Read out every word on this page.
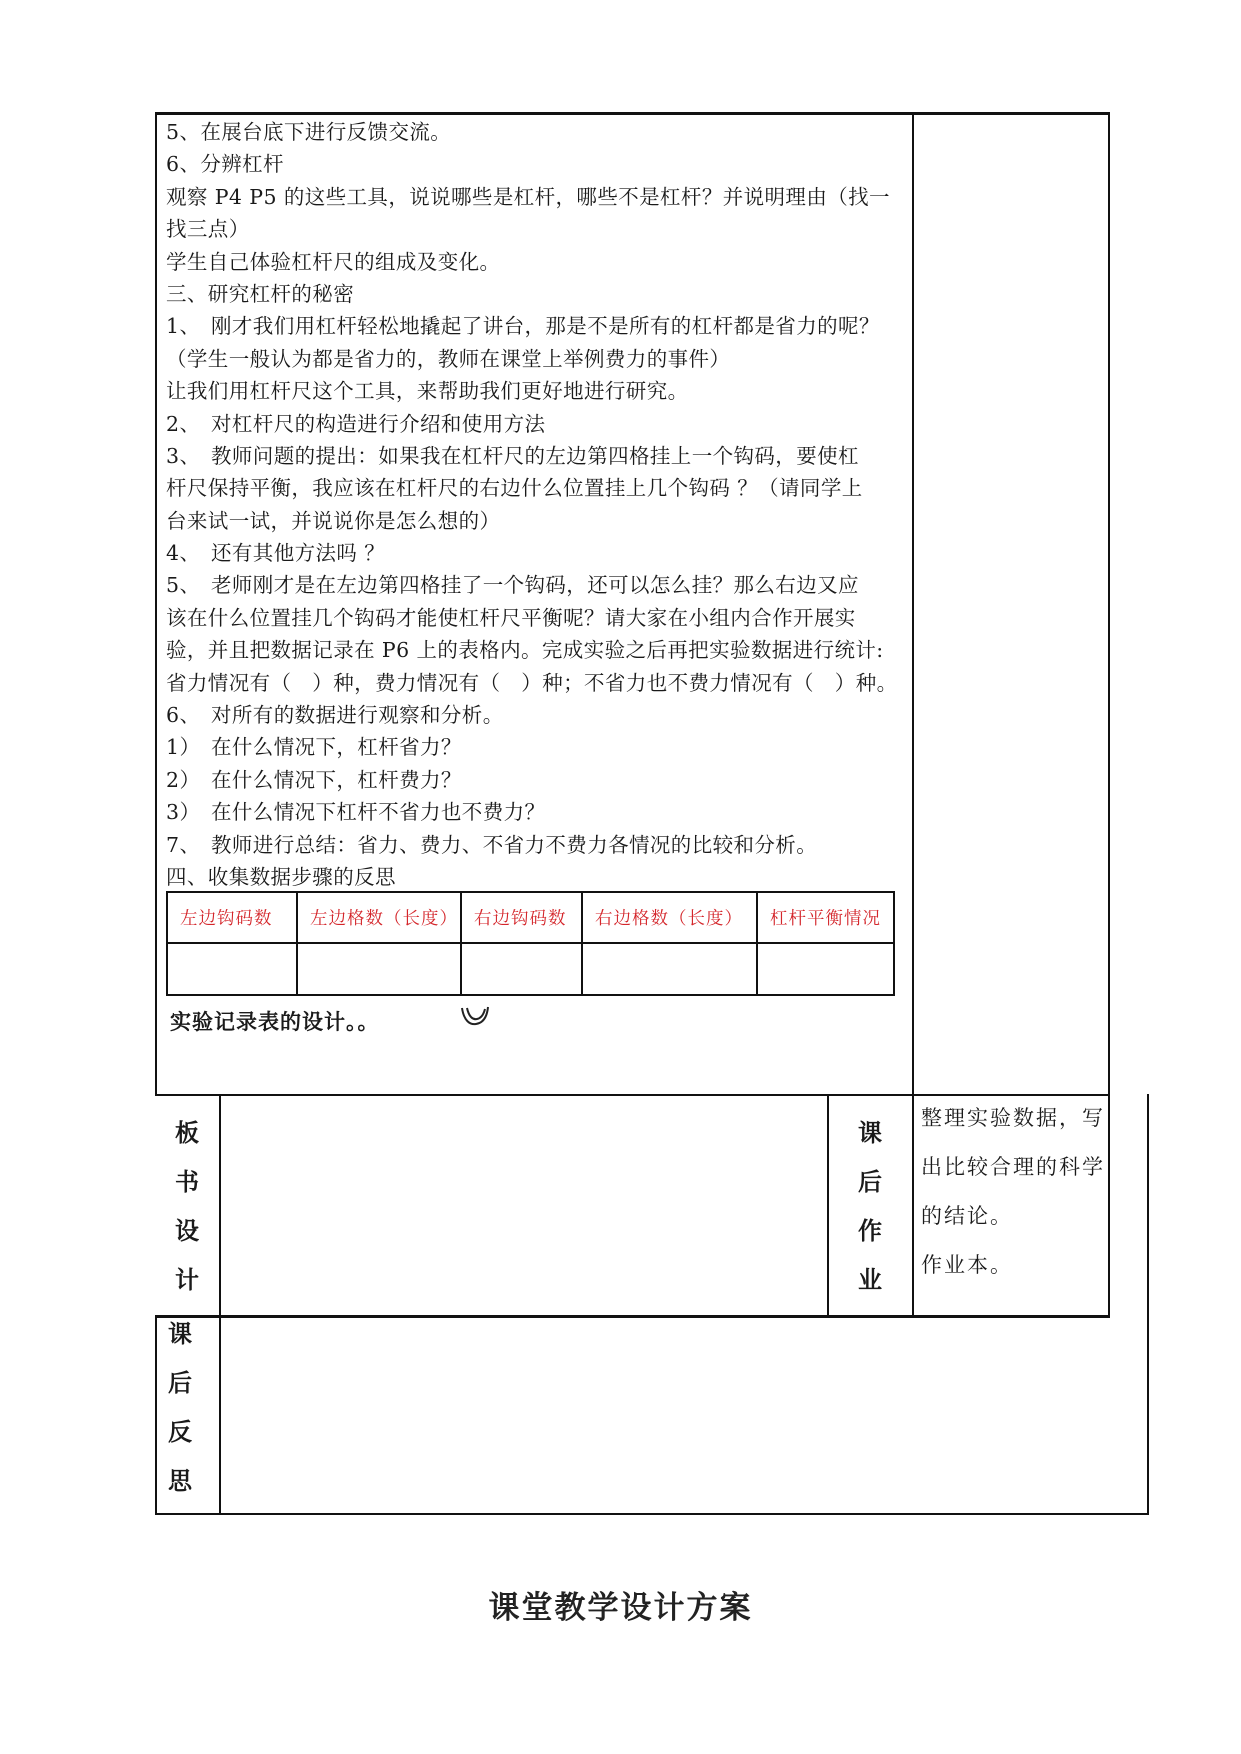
5、在展台底下进行反馈交流。
6、分辨杠杆
观察 P4 P5 的这些工具，说说哪些是杠杆，哪些不是杠杆？并说明理由（找一
找三点）
学生自己体验杠杆尺的组成及变化。
三、研究杠杆的秘密
1、　刚才我们用杠杆轻松地撬起了讲台，那是不是所有的杠杆都是省力的呢？
（学生一般认为都是省力的，教师在课堂上举例费力的事件）
让我们用杠杆尺这个工具，来帮助我们更好地进行研究。
2、　对杠杆尺的构造进行介绍和使用方法
3、　教师问题的提出：如果我在杠杆尺的左边第四格挂上一个钩码，要使杠
杆尺保持平衡，我应该在杠杆尺的右边什么位置挂上几个钩码 ？（请同学上
台来试一试，并说说你是怎么想的）
4、　还有其他方法吗 ？
5、　老师刚才是在左边第四格挂了一个钩码，还可以怎么挂？那么右边又应
该在什么位置挂几个钩码才能使杠杆尺平衡呢？请大家在小组内合作开展实
验，并且把数据记录在 P6 上的表格内。完成实验之后再把实验数据进行统计:
省力情况有（　）种，费力情况有（　）种；不省力也不费力情况有（　）种。
6、　对所有的数据进行观察和分析。
1）　在什么情况下，杠杆省力？
2）　在什么情况下，杠杆费力？
3）　在什么情况下杠杆不省力也不费力？
7、　教师进行总结：省力、费力、不省力不费力各情况的比较和分析。
四、收集数据步骤的反思
左边钩码数	左边格数（长度）	右边钩码数	右边格数（长度）	杠杆平衡情况

实验记录表的设计。。
板
书
设
计
课
后
作
业
整理实验数据，写
出比较合理的科学
的结论。
作业本。
课
后
反
思
课堂教学设计方案
